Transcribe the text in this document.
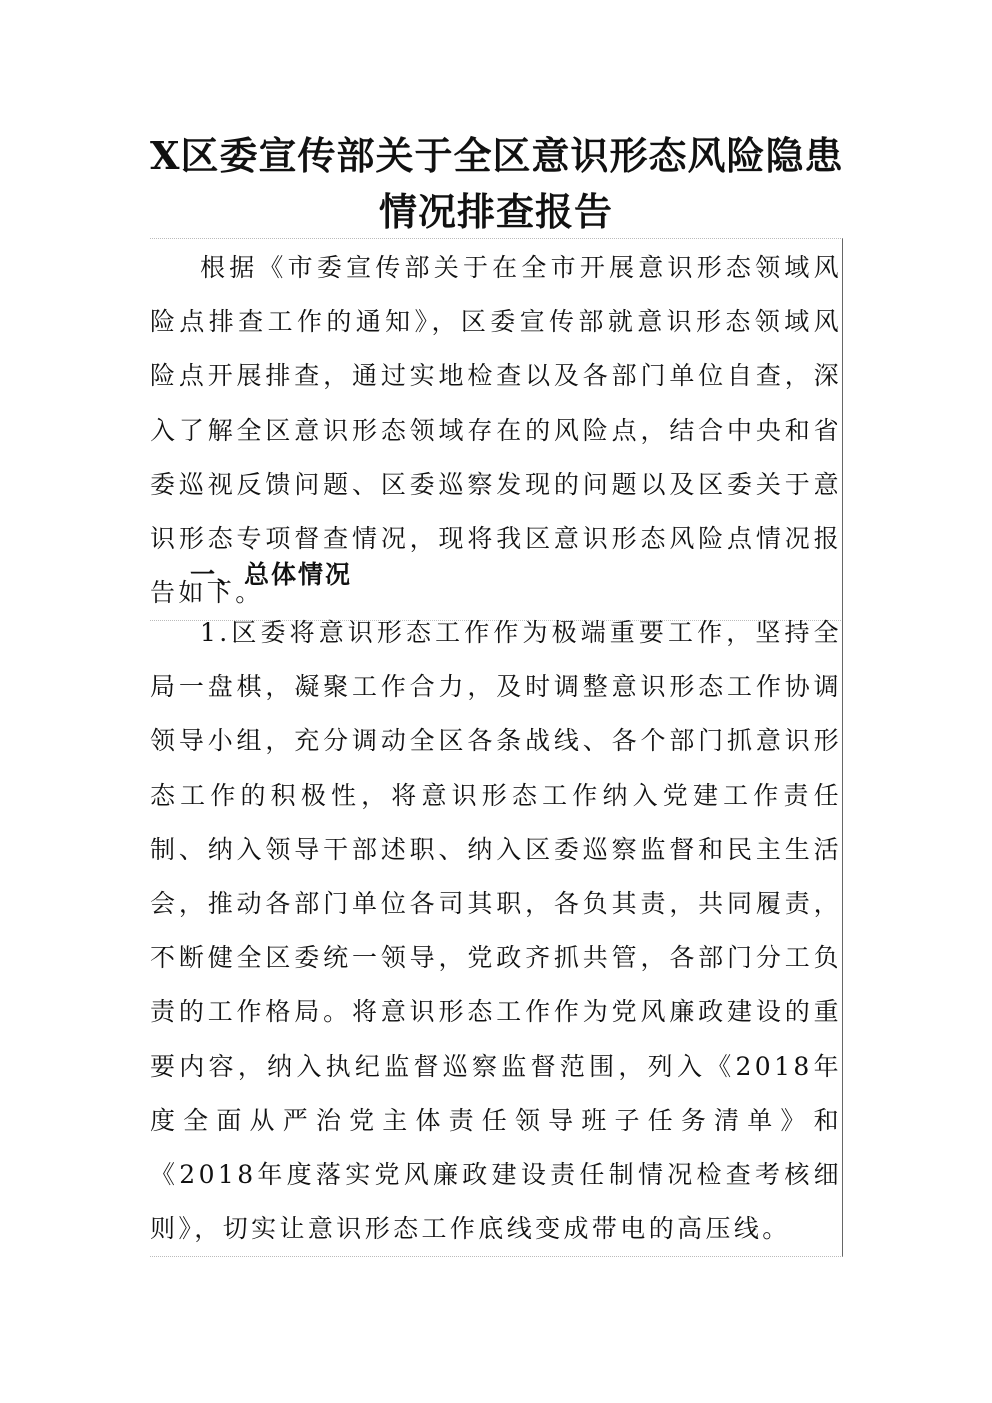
X区委宣传部关于全区意识形态风险隐患
情况排查报告

根据《市委宣传部关于在全市开展意识形态领域风险点排查工作的通知》，区委宣传部就意识形态领域风险点开展排查，通过实地检查以及各部门单位自查，深入了解全区意识形态领域存在的风险点，结合中央和省委巡视反馈问题、区委巡察发现的问题以及区委关于意识形态专项督查情况，现将我区意识形态风险点情况报告如下。

一、总体情况

1.区委将意识形态工作作为极端重要工作，坚持全局一盘棋，凝聚工作合力，及时调整意识形态工作协调领导小组，充分调动全区各条战线、各个部门抓意识形态工作的积极性，将意识形态工作纳入党建工作责任制、纳入领导干部述职、纳入区委巡察监督和民主生活会，推动各部门单位各司其职，各负其责，共同履责，不断健全区委统一领导，党政齐抓共管，各部门分工负责的工作格局。将意识形态工作作为党风廉政建设的重要内容，纳入执纪监督巡察监督范围，列入《2018年度全面从严治党主体责任领导班子任务清单》和《2018年度落实党风廉政建设责任制情况检查考核细则》，切实让意识形态工作底线变成带电的高压线。
